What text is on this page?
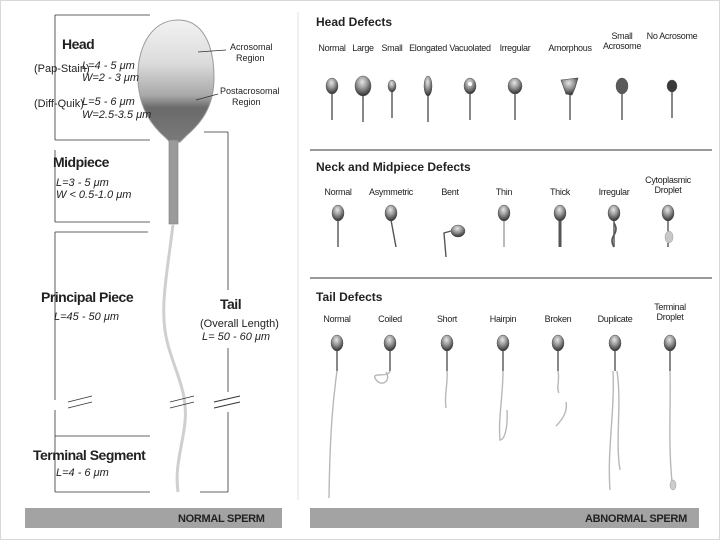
Head
(Pap-Stain)
L=4 - 5 μm
W=2 - 3 μm
(Diff-Quik)
L=5 - 6 μm
W=2.5-3.5 μm
Acrosomal
Region
Postacrosomal
Region
Midpiece
L=3 - 5 μm
W < 0.5-1.0 μm
Principal Piece
L=45 - 50 μm
Tail
(Overall Length)
L= 50 - 60 μm
Terminal Segment
L=4 - 6 μm
NORMAL SPERM	ABNORMAL SPERM
Head Defects
Neck and Midpiece Defects
Tail Defects
Normal Large Small Elongated Vacuolated Irregular	Amorphous
Small Acrosome
No Acrosome
Normal	Asymmetric	Bent	Thin	Thick	Irregular
Cytoplasmic Droplet
Normal	Coiled	Short	Hairpin	Broken	Duplicate
Terminal Droplet
